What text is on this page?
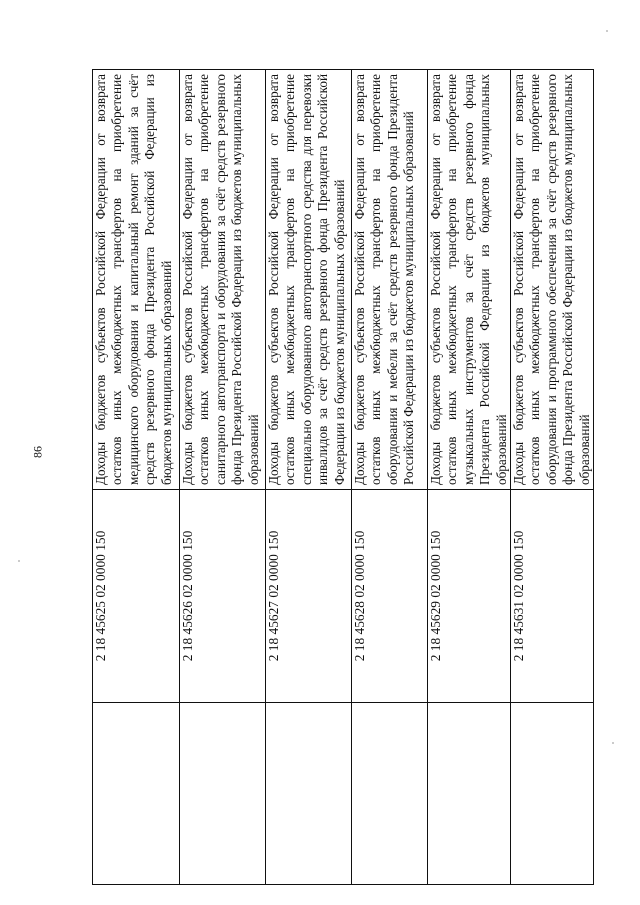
86
	2 18 45625 02 0000 150	Доходы бюджетов субъектов Российской Федерации от возврата остатков иных межбюджетных трансфертов на приобретение медицинского оборудования и капитальный ремонт зданий за счёт средств резервного фонда Президента Российской Федерации из бюджетов муниципальных образований
	2 18 45626 02 0000 150	Доходы бюджетов субъектов Российской Федерации от возврата остатков иных межбюджетных трансфертов на приобретение санитарного автотранспорта и оборудования за счёт средств резервного фонда Президента Российской Федерации из бюджетов муниципальных образований
	2 18 45627 02 0000 150	Доходы бюджетов субъектов Российской Федерации от возврата остатков иных межбюджетных трансфертов на приобретение специально оборудованного автотранспортного средства для перевозки инвалидов за счёт средств резервного фонда Президента Российской Федерации из бюджетов муниципальных образований
	2 18 45628 02 0000 150	Доходы бюджетов субъектов Российской Федерации от возврата остатков иных межбюджетных трансфертов на приобретение оборудования и мебели за счёт средств резервного фонда Президента Российской Федерации из бюджетов муниципальных образований
	2 18 45629 02 0000 150	Доходы бюджетов субъектов Российской Федерации от возврата остатков иных межбюджетных трансфертов на приобретение музыкальных инструментов за счёт средств резервного фонда Президента Российской Федерации из бюджетов муниципальных образований
	2 18 45631 02 0000 150	Доходы бюджетов субъектов Российской Федерации от возврата остатков иных межбюджетных трансфертов на приобретение оборудования и программного обеспечения за счёт средств резервного фонда Президента Российской Федерации из бюджетов муниципальных образований
